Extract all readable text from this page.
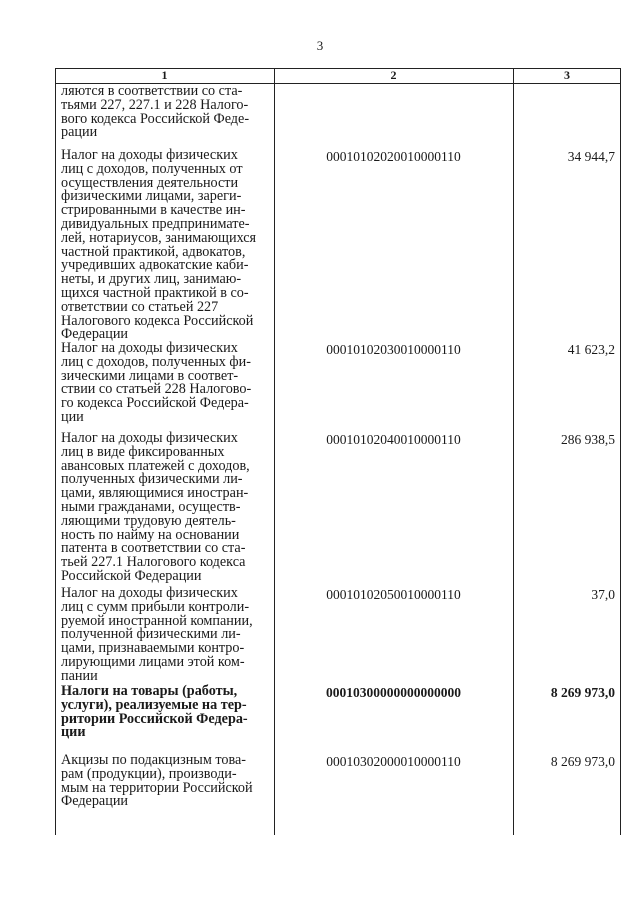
3
1	2	3
ляются в соответствии со ста-
тьями 227, 227.1 и 228 Налого-
вого кодекса Российской Феде-
рации
Налог на доходы физических
лиц с доходов, полученных от
осуществления деятельности
физическими лицами, зареги-
стрированными в качестве ин-
дивидуальных предпринимате-
лей, нотариусов, занимающихся
частной практикой, адвокатов,
учредивших адвокатские каби-
неты, и других лиц, занимаю-
щихся частной практикой в со-
ответствии со статьей 227
Налогового кодекса Российской
Федерации
00010102020010000110	34 944,7
Налог на доходы физических
лиц с доходов, полученных фи-
зическими лицами в соответ-
ствии со статьей 228 Налогово-
го кодекса Российской Федера-
ции
00010102030010000110	41 623,2
Налог на доходы физических
лиц в виде фиксированных
авансовых платежей с доходов,
полученных физическими ли-
цами, являющимися иностран-
ными гражданами, осуществ-
ляющими трудовую деятель-
ность по найму на основании
патента в соответствии со ста-
тьей 227.1 Налогового кодекса
Российской Федерации
00010102040010000110	286 938,5
Налог на доходы физических
лиц с сумм прибыли контроли-
руемой иностранной компании,
полученной физическими ли-
цами, признаваемыми контро-
лирующими лицами этой ком-
пании
00010102050010000110	37,0
Налоги на товары (работы,
услуги), реализуемые на тер-
ритории Российской Федера-
ции
00010300000000000000	8 269 973,0
Акцизы по подакцизным това-
рам (продукции), производи-
мым на территории Российской
Федерации
00010302000010000110	8 269 973,0
